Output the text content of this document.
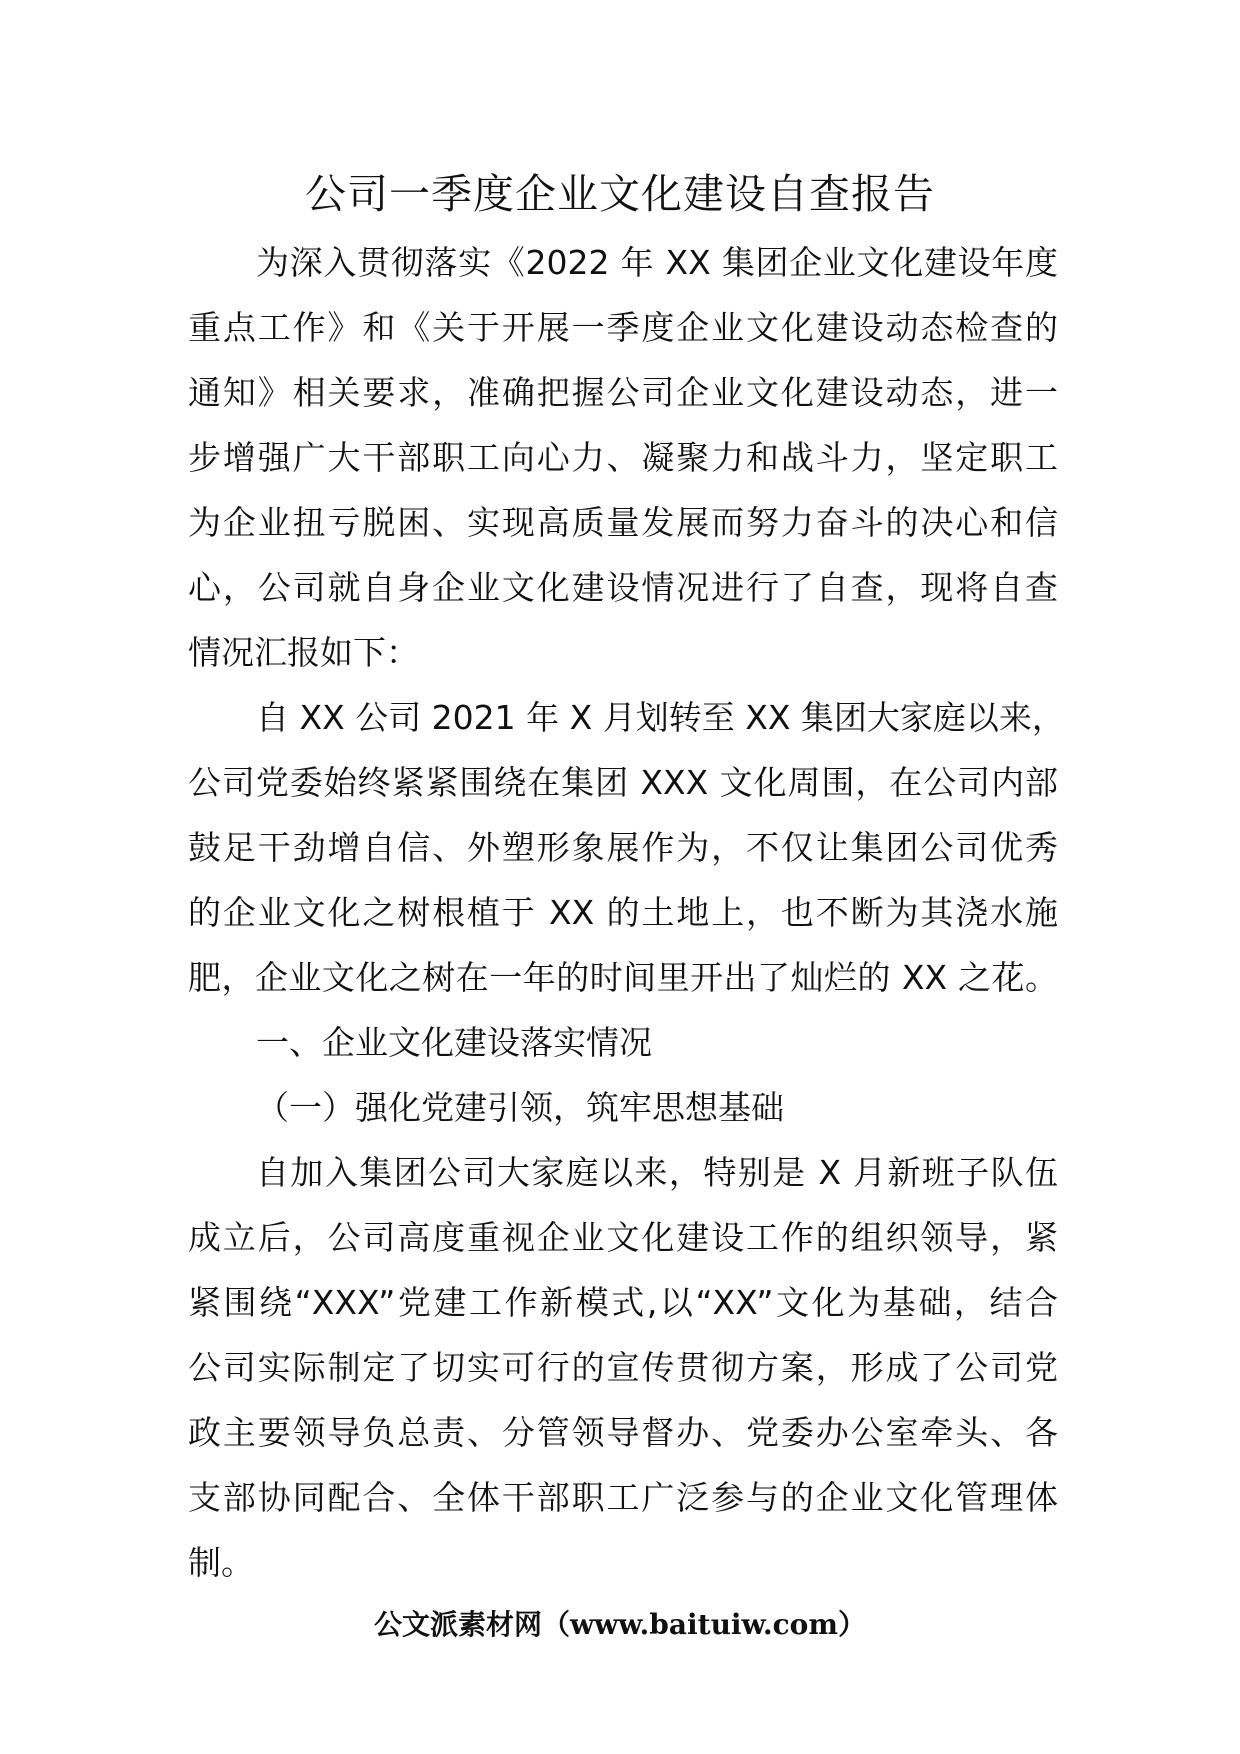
公司一季度企业文化建设自查报告
为深入贯彻落实《2022 年 XX 集团企业文化建设年度
重点工作》和《关于开展一季度企业文化建设动态检查的
通知》相关要求，准确把握公司企业文化建设动态，进一
步增强广大干部职工向心力、凝聚力和战斗力，坚定职工
为企业扭亏脱困、实现高质量发展而努力奋斗的决心和信
心，公司就自身企业文化建设情况进行了自查，现将自查
情况汇报如下：
自 XX 公司 2021 年 X 月划转至 XX 集团大家庭以来，
公司党委始终紧紧围绕在集团 XXX 文化周围，在公司内部
鼓足干劲增自信、外塑形象展作为，不仅让集团公司优秀
的企业文化之树根植于 XX 的土地上，也不断为其浇水施
肥，企业文化之树在一年的时间里开出了灿烂的 XX 之花。
一、企业文化建设落实情况
（一）强化党建引领，筑牢思想基础
自加入集团公司大家庭以来，特别是 X 月新班子队伍
成立后，公司高度重视企业文化建设工作的组织领导，紧
紧围绕“XXX”党建工作新模式,以“XX”文化为基础，结合
公司实际制定了切实可行的宣传贯彻方案，形成了公司党
政主要领导负总责、分管领导督办、党委办公室牵头、各
支部协同配合、全体干部职工广泛参与的企业文化管理体
制。
公文派素材网（www.baituiw.com）
